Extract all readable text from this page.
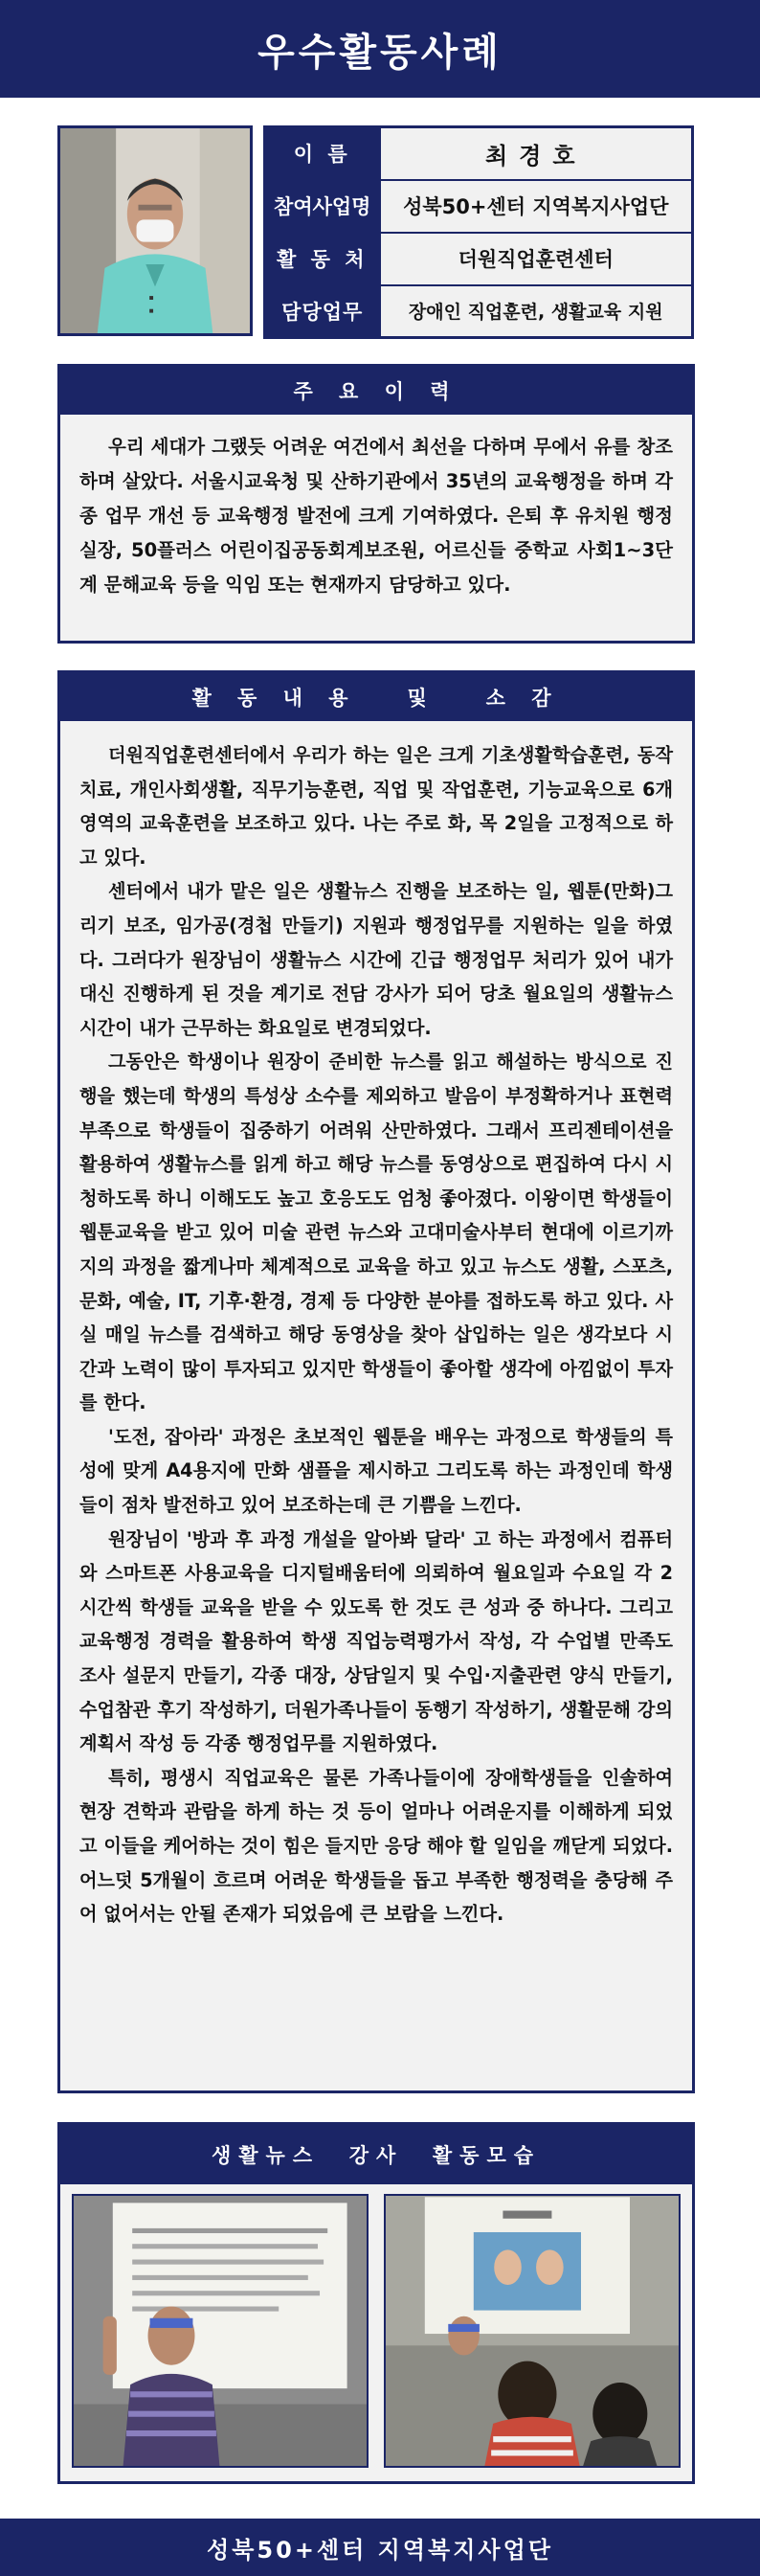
우수활동사례
이 름	최경호
참여사업명	성북50+센터 지역복지사업단
활 동 처	더원직업훈련센터
담당업무	장애인 직업훈련, 생활교육 지원
주 요 이 력

우리 세대가 그랬듯 어려운 여건에서 최선을 다하며 무에서 유를 창조하며 살았다. 서울시교육청 및 산하기관에서 35년의 교육행정을 하며 각종 업무 개선 등 교육행정 발전에 크게 기여하였다. 은퇴 후 유치원 행정실장, 50플러스 어린이집공동회계보조원, 어르신들 중학교 사회1~3단계 문해교육 등을 익임 또는 현재까지 담당하고 있다.

활 동 내 용   및   소 감

더원직업훈련센터에서 우리가 하는 일은 크게 기초생활학습훈련, 동작치료, 개인사회생활, 직무기능훈련, 직업 및 작업훈련, 기능교육으로 6개 영역의 교육훈련을 보조하고 있다. 나는 주로 화, 목 2일을 고정적으로 하고 있다.

센터에서 내가 맡은 일은 생활뉴스 진행을 보조하는 일, 웹툰(만화)그리기 보조, 임가공(경첩 만들기) 지원과 행정업무를 지원하는 일을 하였다. 그러다가 원장님이 생활뉴스 시간에 긴급 행정업무 처리가 있어 내가 대신 진행하게 된 것을 계기로 전담 강사가 되어 당초 월요일의 생활뉴스 시간이 내가 근무하는 화요일로 변경되었다.

그동안은 학생이나 원장이 준비한 뉴스를 읽고 해설하는 방식으로 진행을 했는데 학생의 특성상 소수를 제외하고 발음이 부정확하거나 표현력 부족으로 학생들이 집중하기 어려워 산만하였다. 그래서 프리젠테이션을 활용하여 생활뉴스를 읽게 하고 해당 뉴스를 동영상으로 편집하여 다시 시청하도록 하니 이해도도 높고 호응도도 엄청 좋아졌다. 이왕이면 학생들이 웹툰교육을 받고 있어 미술 관련 뉴스와 고대미술사부터 현대에 이르기까지의 과정을 짧게나마 체계적으로 교육을 하고 있고 뉴스도 생활, 스포츠, 문화, 예술, IT, 기후·환경, 경제 등 다양한 분야를 접하도록 하고 있다. 사실 매일 뉴스를 검색하고 해당 동영상을 찾아 삽입하는 일은 생각보다 시간과 노력이 많이 투자되고 있지만 학생들이 좋아할 생각에 아낌없이 투자를 한다.

'도전, 잡아라' 과정은 초보적인 웹툰을 배우는 과정으로 학생들의 특성에 맞게 A4용지에 만화 샘플을 제시하고 그리도록 하는 과정인데 학생들이 점차 발전하고 있어 보조하는데 큰 기쁨을 느낀다.

원장님이 '방과 후 과정 개설을 알아봐 달라' 고 하는 과정에서 컴퓨터와 스마트폰 사용교육을 디지털배움터에 의뢰하여 월요일과 수요일 각 2시간씩 학생들 교육을 받을 수 있도록 한 것도 큰 성과 중 하나다. 그리고 교육행정 경력을 활용하여 학생 직업능력평가서 작성, 각 수업별 만족도 조사 설문지 만들기, 각종 대장, 상담일지 및 수입·지출관련 양식 만들기, 수업참관 후기 작성하기, 더원가족나들이 동행기 작성하기, 생활문해 강의 계획서 작성 등 각종 행정업무를 지원하였다.

특히, 평생시 직업교육은 물론 가족나들이에 장애학생들을 인솔하여 현장 견학과 관람을 하게 하는 것 등이 얼마나 어려운지를 이해하게 되었고 이들을 케어하는 것이 힘은 들지만 응당 해야 할 일임을 깨닫게 되었다. 어느덧 5개월이 흐르며 어려운 학생들을 돕고 부족한 행정력을 충당해 주어 없어서는 안될 존재가 되었음에 큰 보람을 느낀다.

생활뉴스  강사  활동모습
성북50+센터 지역복지사업단
